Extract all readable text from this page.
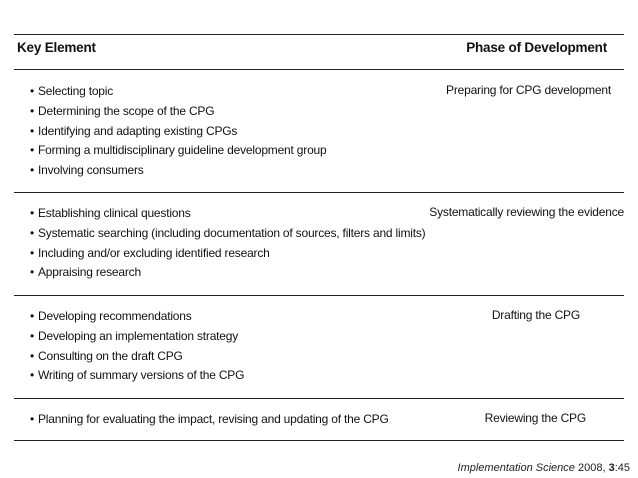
Key Element	Phase of Development
• Selecting topic
• Determining the scope of the CPG
• Identifying and adapting existing CPGs
• Forming a multidisciplinary guideline development group
• Involving consumers
Preparing for CPG development
• Establishing clinical questions
• Systematic searching (including documentation of sources, filters and limits)
• Including and/or excluding identified research
• Appraising research
Systematically reviewing the evidence
• Developing recommendations
• Developing an implementation strategy
• Consulting on the draft CPG
• Writing of summary versions of the CPG
Drafting the CPG
• Planning for evaluating the impact, revising and updating of the CPG	Reviewing the CPG
Implementation Science 2008, 3:45
